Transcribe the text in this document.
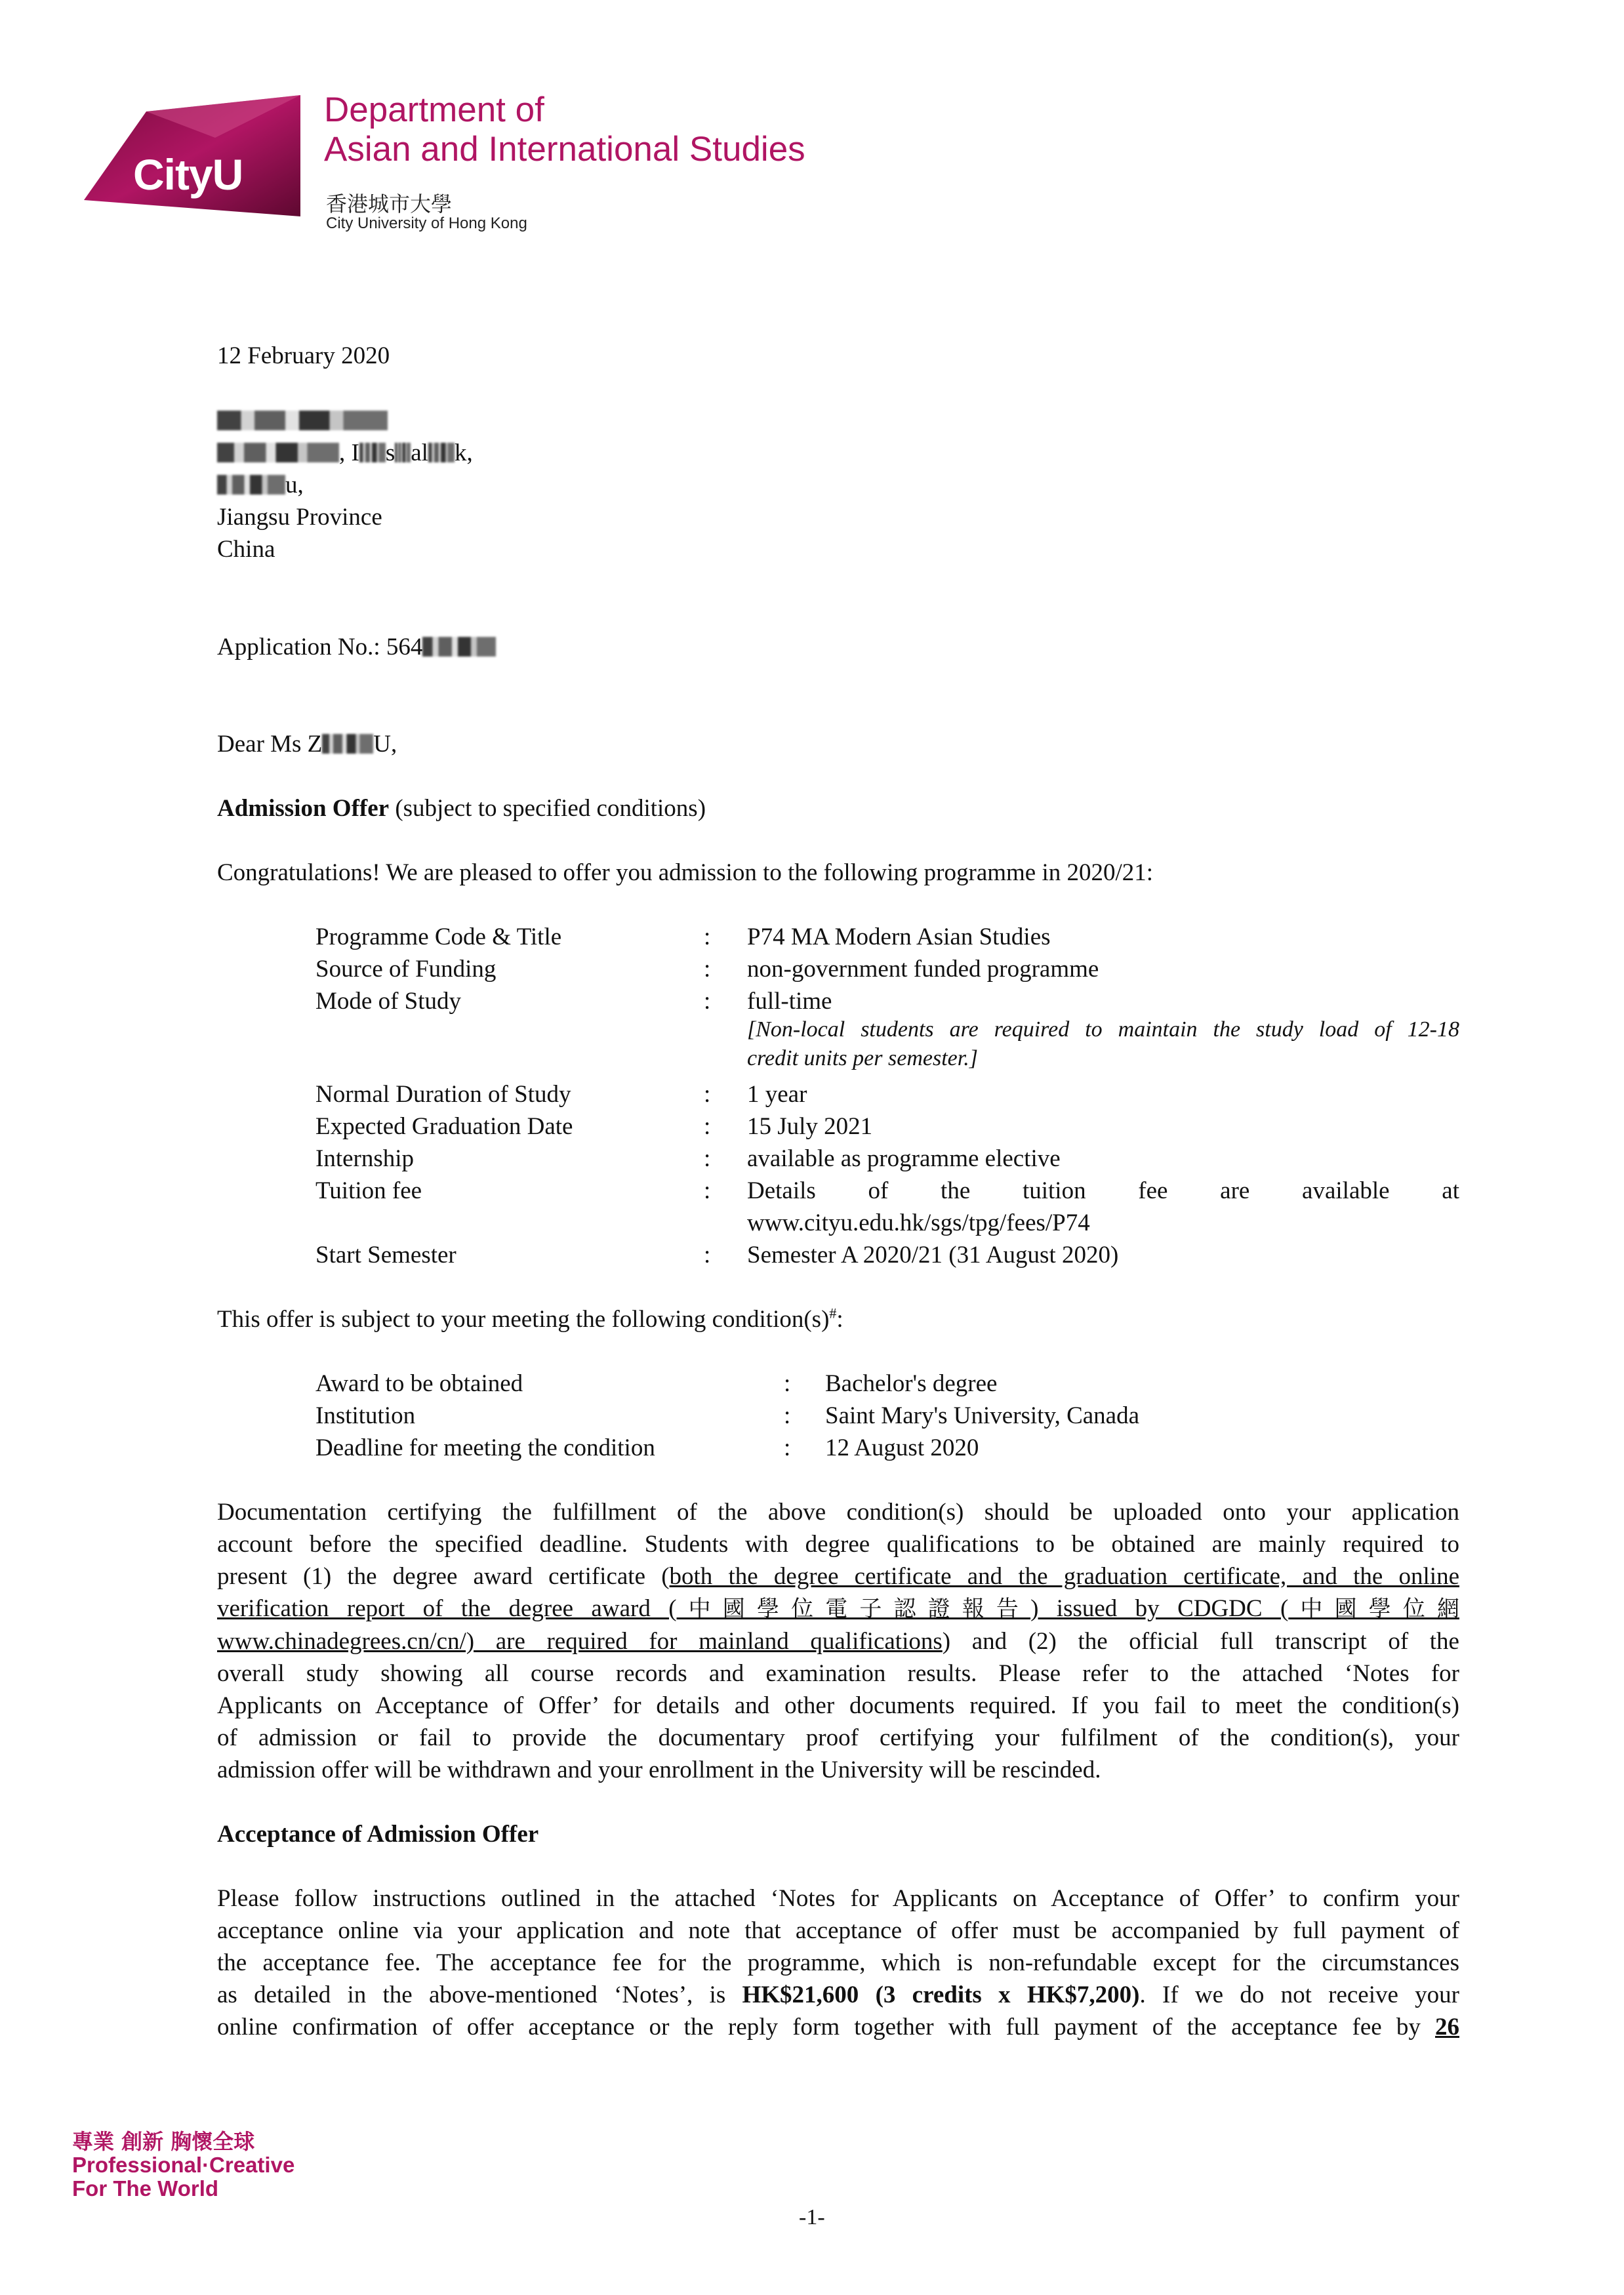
CityU
Department of
Asian and International Studies
香港城市大學
City University of Hong Kong
12 February 2020
, I s al k,
u,
Jiangsu Province
China
Application No.: 564
Dear Ms Z U,
Admission Offer (subject to specified conditions)
Congratulations! We are pleased to offer you admission to the following programme in 2020/21:
Programme Code & Title	: P74 MA Modern Asian Studies
Source of Funding	: non-government funded programme
Mode of Study	: full-time
[Non-local students are required to maintain the study load of 12-18
credit units per semester.]
Normal Duration of Study	: 1 year
Expected Graduation Date	: 15 July 2021
Internship	: available as programme elective
Tuition fee	: Details of the tuition fee are available at
www.cityu.edu.hk/sgs/tpg/fees/P74
Start Semester	: Semester A 2020/21 (31 August 2020)
This offer is subject to your meeting the following condition(s)#:
Award to be obtained	: Bachelor's degree
Institution	: Saint Mary's University, Canada
Deadline for meeting the condition	: 12 August 2020
Documentation certifying the fulfillment of the above condition(s) should be uploaded onto your application
account before the specified deadline. Students with degree qualifications to be obtained are mainly required to
present (1) the degree award certificate (both the degree certificate and the graduation certificate, and the online
verification report of the degree award (中國學位電子認證報告) issued by CDGDC (中國學位網
www.chinadegrees.cn/cn/) are required for mainland qualifications) and (2) the official full transcript of the
overall study showing all course records and examination results. Please refer to the attached ‘Notes for
Applicants on Acceptance of Offer’ for details and other documents required. If you fail to meet the condition(s)
of admission or fail to provide the documentary proof certifying your fulfilment of the condition(s), your
admission offer will be withdrawn and your enrollment in the University will be rescinded.
Acceptance of Admission Offer
Please follow instructions outlined in the attached ‘Notes for Applicants on Acceptance of Offer’ to confirm your
acceptance online via your application and note that acceptance of offer must be accompanied by full payment of
the acceptance fee. The acceptance fee for the programme, which is non-refundable except for the circumstances
as detailed in the above-mentioned ‘Notes’, is HK$21,600 (3 credits x HK$7,200). If we do not receive your
online confirmation of offer acceptance or the reply form together with full payment of the acceptance fee by 26
專業 創新 胸懷全球
Professional·Creative
For The World
-1-
